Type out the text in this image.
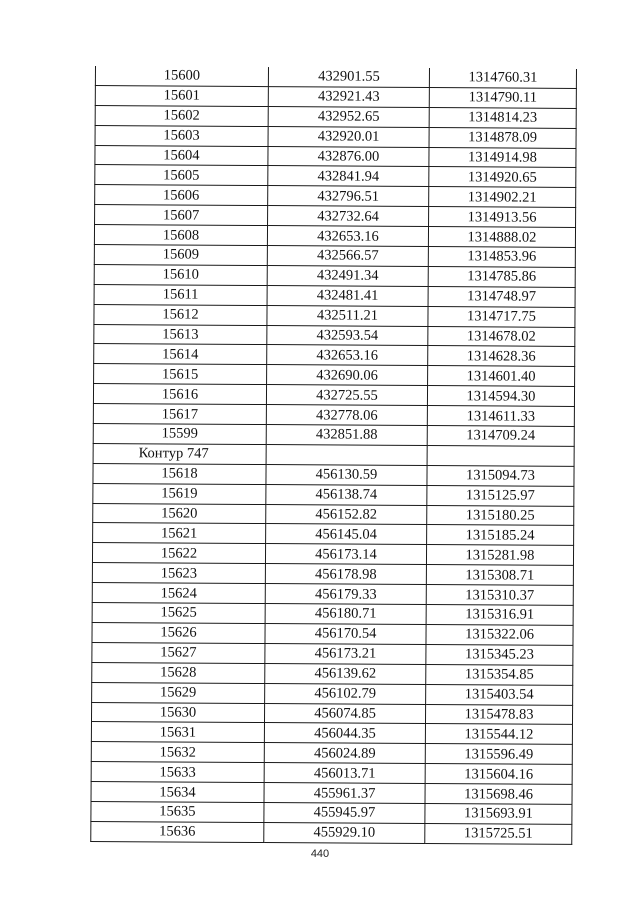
15600	432901.55	1314760.31
15601	432921.43	1314790.11
15602	432952.65	1314814.23
15603	432920.01	1314878.09
15604	432876.00	1314914.98
15605	432841.94	1314920.65
15606	432796.51	1314902.21
15607	432732.64	1314913.56
15608	432653.16	1314888.02
15609	432566.57	1314853.96
15610	432491.34	1314785.86
15611	432481.41	1314748.97
15612	432511.21	1314717.75
15613	432593.54	1314678.02
15614	432653.16	1314628.36
15615	432690.06	1314601.40
15616	432725.55	1314594.30
15617	432778.06	1314611.33
15599	432851.88	1314709.24
Контур 747		
15618	456130.59	1315094.73
15619	456138.74	1315125.97
15620	456152.82	1315180.25
15621	456145.04	1315185.24
15622	456173.14	1315281.98
15623	456178.98	1315308.71
15624	456179.33	1315310.37
15625	456180.71	1315316.91
15626	456170.54	1315322.06
15627	456173.21	1315345.23
15628	456139.62	1315354.85
15629	456102.79	1315403.54
15630	456074.85	1315478.83
15631	456044.35	1315544.12
15632	456024.89	1315596.49
15633	456013.71	1315604.16
15634	455961.37	1315698.46
15635	455945.97	1315693.91
15636	455929.10	1315725.51
440
